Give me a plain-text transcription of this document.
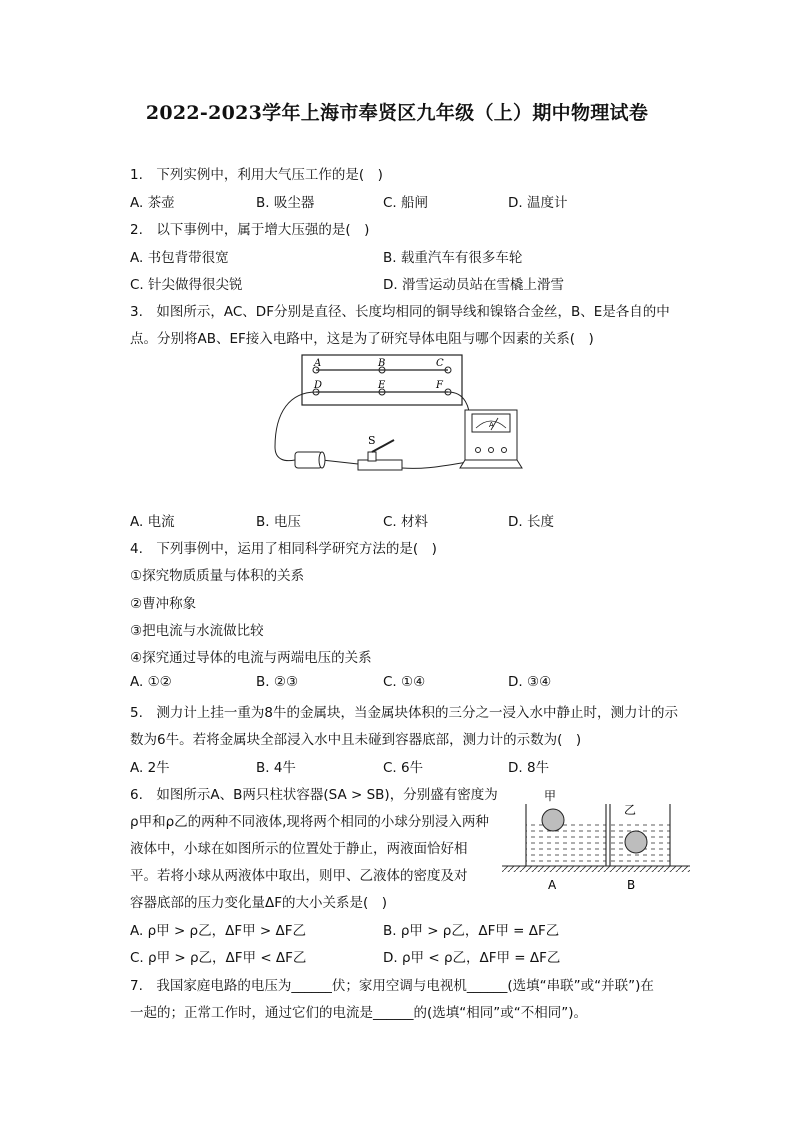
2022-2023学年上海市奉贤区九年级（上）期中物理试卷
1.　下列实例中，利用大气压工作的是(　)
A. 茶壶	B. 吸尘器	C. 船闸	D. 温度计
2.　以下事例中，属于增大压强的是(　)
A. 书包背带很宽	B. 载重汽车有很多车轮
C. 针尖做得很尖锐	D. 滑雪运动员站在雪橇上滑雪
3.　如图所示，AC、DF分别是直径、长度均相同的铜导线和镍铬合金丝，B、E是各自的中
点。分别将AB、EF接入电路中，这是为了研究导体电阻与哪个因素的关系(　)
A	B	C
D	E	F
S
A
A. 电流	B. 电压	C. 材料	D. 长度
4.　下列事例中，运用了相同科学研究方法的是(　)
①探究物质质量与体积的关系
②曹冲称象
③把电流与水流做比较
④探究通过导体的电流与两端电压的关系
A. ①②	B. ②③	C. ①④	D. ③④
5.　测力计上挂一重为8牛的金属块，当金属块体积的三分之一浸入水中静止时，测力计的示
数为6牛。若将金属块全部浸入水中且未碰到容器底部，测力计的示数为(　)
A. 2牛	B. 4牛	C. 6牛	D. 8牛
6.　如图所示A、B两只柱状容器(SA > SB)，分别盛有密度为
ρ甲和ρ乙的两种不同液体,现将两个相同的小球分别浸入两种
液体中，小球在如图所示的位置处于静止，两液面恰好相
平。若将小球从两液体中取出，则甲、乙液体的密度及对
容器底部的压力变化量ΔF的大小关系是(　)
甲
乙
A	B
A. ρ甲 > ρ乙，ΔF甲 > ΔF乙	B. ρ甲 > ρ乙，ΔF甲 = ΔF乙
C. ρ甲 > ρ乙，ΔF甲 < ΔF乙	D. ρ甲 < ρ乙，ΔF甲 = ΔF乙
7.　我国家庭电路的电压为______伏；家用空调与电视机______(选填“串联”或“并联”)在
一起的；正常工作时，通过它们的电流是______的(选填“相同”或“不相同”)。
